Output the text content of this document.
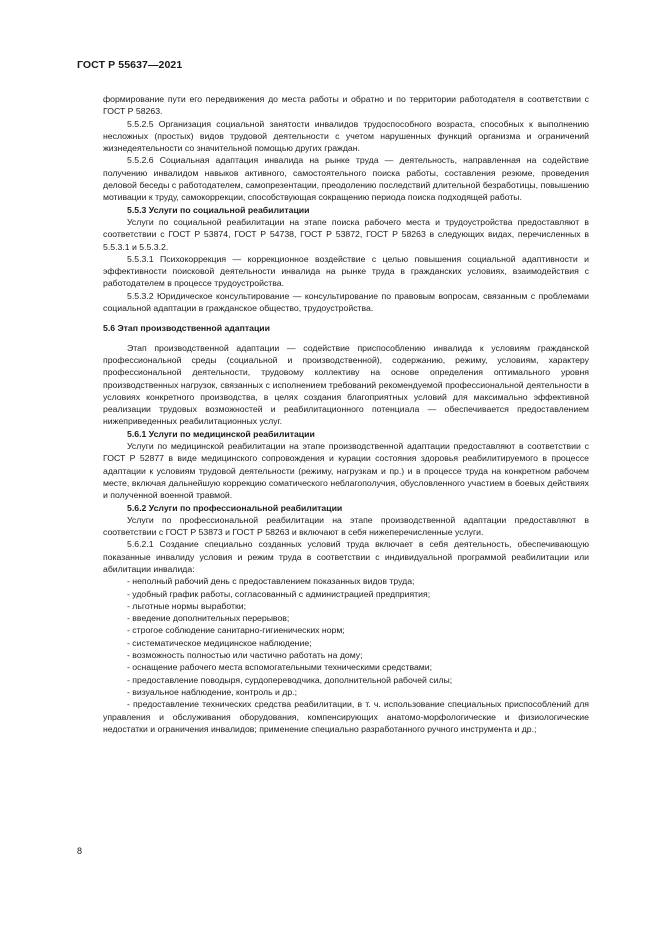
ГОСТ Р 55637—2021

формирование пути его передвижения до места работы и обратно и по территории работодателя в соответствии с ГОСТ Р 58263.

5.5.2.5 Организация социальной занятости инвалидов трудоспособного возраста, способных к выполнению несложных (простых) видов трудовой деятельности с учетом нарушенных функций организма и ограничений жизнедеятельности со значительной помощью других граждан.

5.5.2.6 Социальная адаптация инвалида на рынке труда — деятельность, направленная на содействие получению инвалидом навыков активного, самостоятельного поиска работы, составления резюме, проведения деловой беседы с работодателем, самопрезентации, преодолению последствий длительной безработицы, повышению мотивации к труду, самокоррекции, способствующая сокращению периода поиска подходящей работы.

5.5.3 Услуги по социальной реабилитации

Услуги по социальной реабилитации на этапе поиска рабочего места и трудоустройства предоставляют в соответствии с ГОСТ Р 53874, ГОСТ Р 54738, ГОСТ Р 53872, ГОСТ Р 58263 в следующих видах, перечисленных в 5.5.3.1 и 5.5.3.2.

5.5.3.1 Психокоррекция — коррекционное воздействие с целью повышения социальной адаптивности и эффективности поисковой деятельности инвалида на рынке труда в гражданских условиях, взаимодействия с работодателем в процессе трудоустройства.

5.5.3.2 Юридическое консультирование — консультирование по правовым вопросам, связанным с проблемами социальной адаптации в гражданское общество, трудоустройства.

5.6 Этап производственной адаптации

Этап производственной адаптации — содействие приспособлению инвалида к условиям гражданской профессиональной среды (социальной и производственной), содержанию, режиму, условиям, характеру профессиональной деятельности, трудовому коллективу на основе определения оптимального уровня производственных нагрузок, связанных с исполнением требований рекомендуемой профессиональной деятельности в условиях конкретного производства, в целях создания благоприятных условий для максимально эффективной реализации трудовых возможностей и реабилитационного потенциала — обеспечивается предоставлением нижеприведенных реабилитационных услуг.

5.6.1 Услуги по медицинской реабилитации

Услуги по медицинской реабилитации на этапе производственной адаптации предоставляют в соответствии с ГОСТ Р 52877 в виде медицинского сопровождения и курации состояния здоровья реабилитируемого в процессе адаптации к условиям трудовой деятельности (режиму, нагрузкам и пр.) и в процессе труда на конкретном рабочем месте, включая дальнейшую коррекцию соматического неблагополучия, обусловленного участием в боевых действиях и полученной военной травмой.

5.6.2 Услуги по профессиональной реабилитации

Услуги по профессиональной реабилитации на этапе производственной адаптации предоставляют в соответствии с ГОСТ Р 53873 и ГОСТ Р 58263 и включают в себя нижеперечисленные услуги.

5.6.2.1 Создание специально созданных условий труда включает в себя деятельность, обеспечивающую показанные инвалиду условия и режим труда в соответствии с индивидуальной программой реабилитации или абилитации инвалида:

- неполный рабочий день с предоставлением показанных видов труда;
- удобный график работы, согласованный с администрацией предприятия;
- льготные нормы выработки;
- введение дополнительных перерывов;
- строгое соблюдение санитарно-гигиенических норм;
- систематическое медицинское наблюдение;
- возможность полностью или частично работать на дому;
- оснащение рабочего места вспомогательными техническими средствами;
- предоставление поводыря, сурдопереводчика, дополнительной рабочей силы;
- визуальное наблюдение, контроль и др.;
- предоставление технических средства реабилитации, в т. ч. использование специальных приспособлений для управления и обслуживания оборудования, компенсирующих анатомо-морфологические и физиологические недостатки и ограничения инвалидов; применение специально разработанного ручного инструмента и др.;
8
